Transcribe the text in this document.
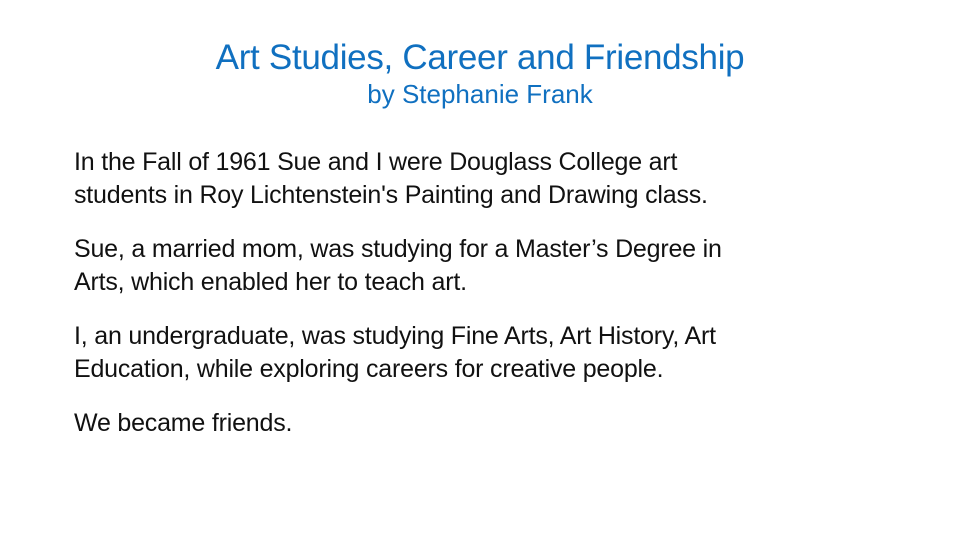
Art Studies, Career and Friendship
by Stephanie Frank

In the Fall of 1961 Sue and I were Douglass College art
students in Roy Lichtenstein's Painting and Drawing class.

Sue, a married mom, was studying for a Master’s Degree in
Arts, which enabled her to teach art.

I, an undergraduate, was studying Fine Arts, Art History, Art
Education, while exploring careers for creative people.

We became friends.
